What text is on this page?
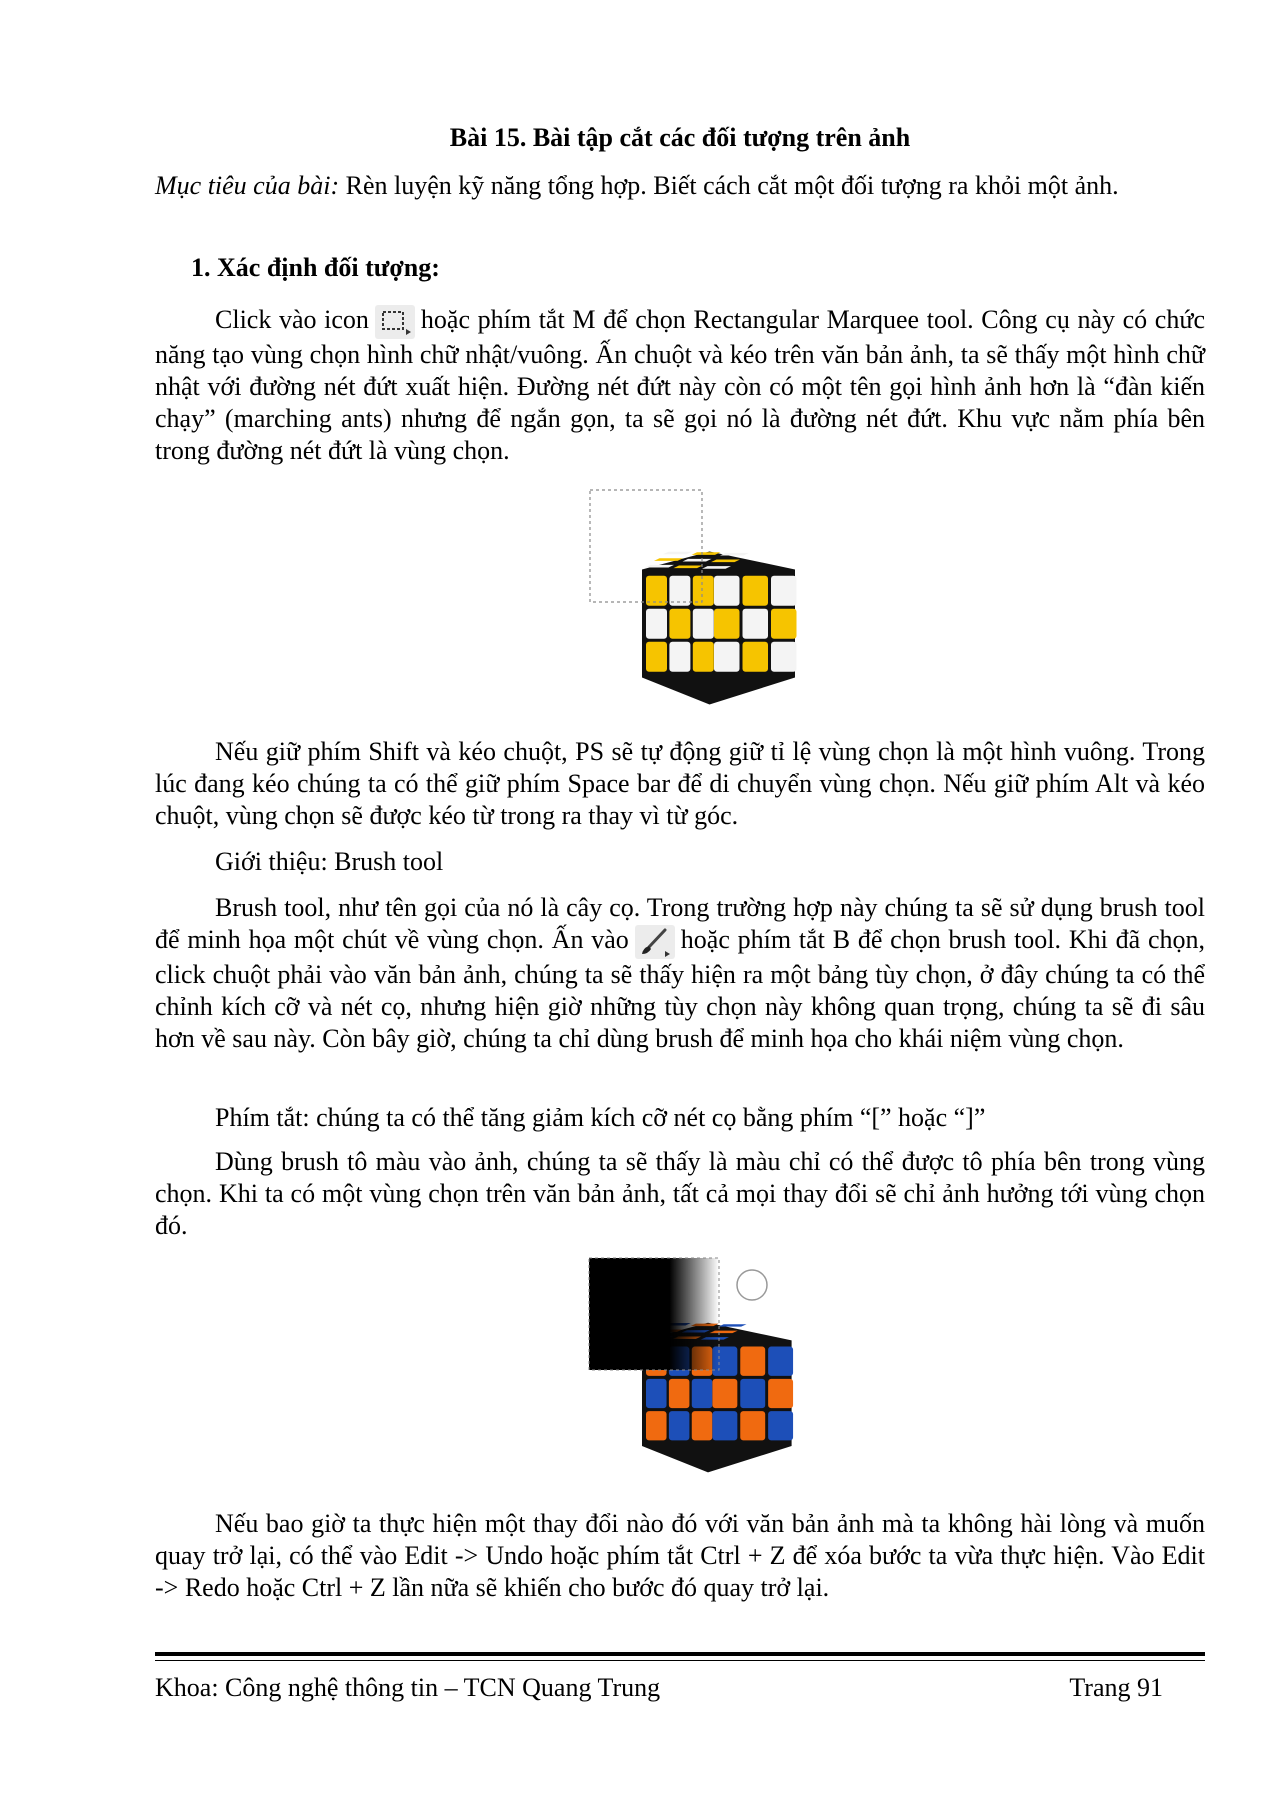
Bài 15. Bài tập cắt các đối tượng trên ảnh

Mục tiêu của bài: Rèn luyện kỹ năng tổng hợp. Biết cách cắt một đối tượng ra khỏi một ảnh.

1. Xác định đối tượng:

Click vào icon hoặc phím tắt M để chọn Rectangular Marquee tool. Công cụ này có chức năng tạo vùng chọn hình chữ nhật/vuông. Ấn chuột và kéo trên văn bản ảnh, ta sẽ thấy một hình chữ nhật với đường nét đứt xuất hiện. Đường nét đứt này còn có một tên gọi hình ảnh hơn là “đàn kiến chạy” (marching ants) nhưng để ngắn gọn, ta sẽ gọi nó là đường nét đứt. Khu vực nằm phía bên trong đường nét đứt là vùng chọn.

Nếu giữ phím Shift và kéo chuột, PS sẽ tự động giữ tỉ lệ vùng chọn là một hình vuông. Trong lúc đang kéo chúng ta có thể giữ phím Space bar để di chuyển vùng chọn. Nếu giữ phím Alt và kéo chuột, vùng chọn sẽ được kéo từ trong ra thay vì từ góc.

Giới thiệu: Brush tool

Brush tool, như tên gọi của nó là cây cọ. Trong trường hợp này chúng ta sẽ sử dụng brush tool để minh họa một chút về vùng chọn. Ấn vào hoặc phím tắt B để chọn brush tool. Khi đã chọn, click chuột phải vào văn bản ảnh, chúng ta sẽ thấy hiện ra một bảng tùy chọn, ở đây chúng ta có thể chỉnh kích cỡ và nét cọ, nhưng hiện giờ những tùy chọn này không quan trọng, chúng ta sẽ đi sâu hơn về sau này. Còn bây giờ, chúng ta chỉ dùng brush để minh họa cho khái niệm vùng chọn.

Phím tắt: chúng ta có thể tăng giảm kích cỡ nét cọ bằng phím “[” hoặc “]”

Dùng brush tô màu vào ảnh, chúng ta sẽ thấy là màu chỉ có thể được tô phía bên trong vùng chọn. Khi ta có một vùng chọn trên văn bản ảnh, tất cả mọi thay đổi sẽ chỉ ảnh hưởng tới vùng chọn đó.

Nếu bao giờ ta thực hiện một thay đổi nào đó với văn bản ảnh mà ta không hài lòng và muốn quay trở lại, có thể vào Edit -> Undo hoặc phím tắt Ctrl + Z để xóa bước ta vừa thực hiện. Vào Edit -> Redo hoặc Ctrl + Z lần nữa sẽ khiến cho bước đó quay trở lại.

Khoa: Công nghệ thông tin – TCN Quang Trung	Trang 91
